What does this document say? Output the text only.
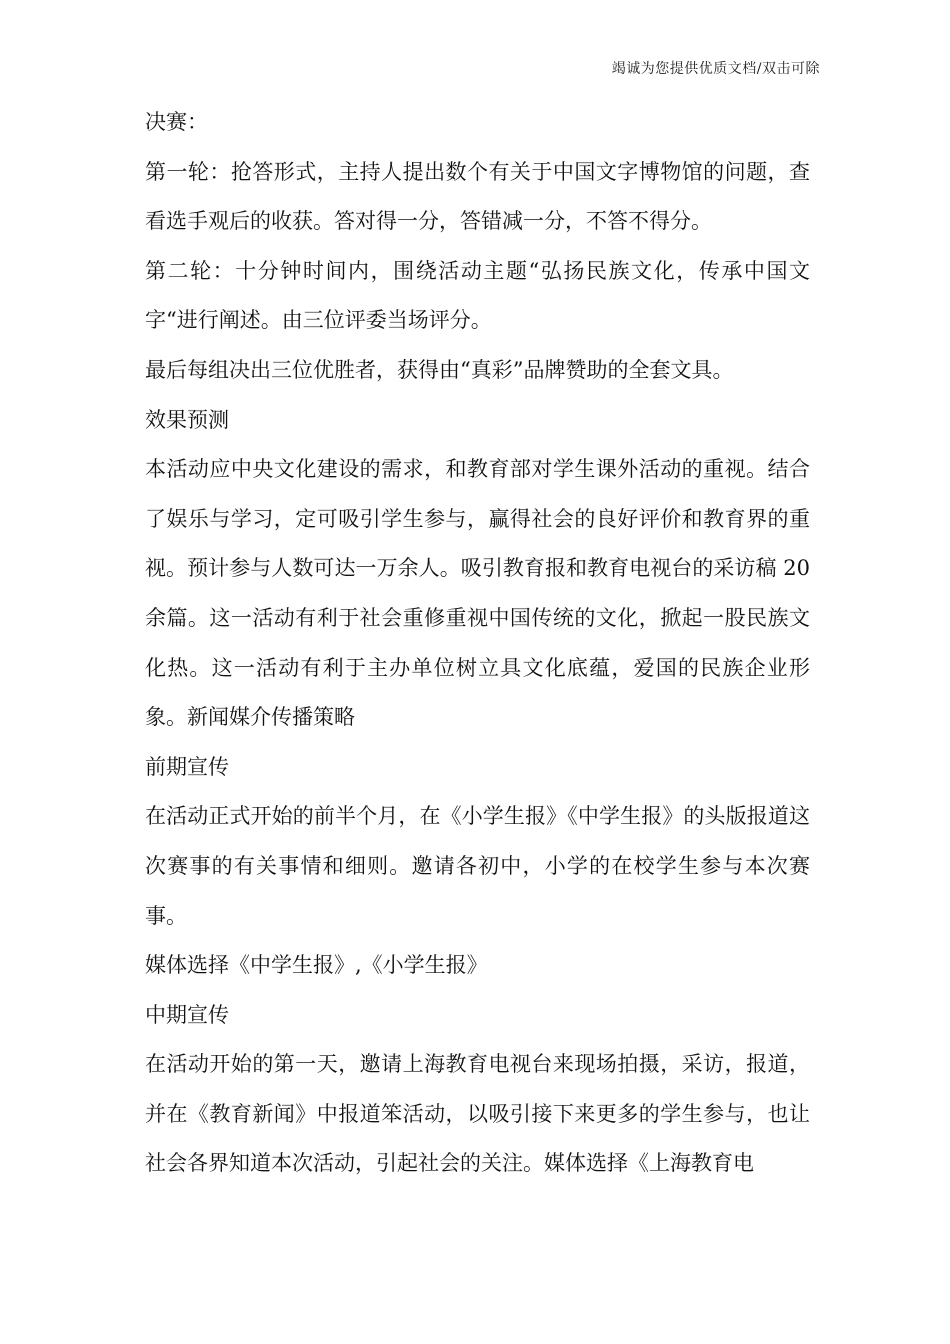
竭诚为您提供优质文档/双击可除

决赛：

第一轮：抢答形式，主持人提出数个有关于中国文字博物馆的问题，查看选手观后的收获。答对得一分，答错减一分，不答不得分。

第二轮：十分钟时间内，围绕活动主题“弘扬民族文化，传承中国文字“进行阐述。由三位评委当场评分。

最后每组决出三位优胜者，获得由“真彩”品牌赞助的全套文具。

效果预测

本活动应中央文化建设的需求，和教育部对学生课外活动的重视。结合了娱乐与学习，定可吸引学生参与，赢得社会的良好评价和教育界的重视。预计参与人数可达一万余人。吸引教育报和教育电视台的采访稿 20 余篇。这一活动有利于社会重修重视中国传统的文化，掀起一股民族文化热。这一活动有利于主办单位树立具文化底蕴，爱国的民族企业形象。新闻媒介传播策略

前期宣传

在活动正式开始的前半个月，在《小学生报》《中学生报》的头版报道这次赛事的有关事情和细则。邀请各初中，小学的在校学生参与本次赛事。

媒体选择《中学生报》,《小学生报》

中期宣传

在活动开始的第一天，邀请上海教育电视台来现场拍摄，采访，报道，并在《教育新闻》中报道笨活动，以吸引接下来更多的学生参与，也让社会各界知道本次活动，引起社会的关注。媒体选择《上海教育电
